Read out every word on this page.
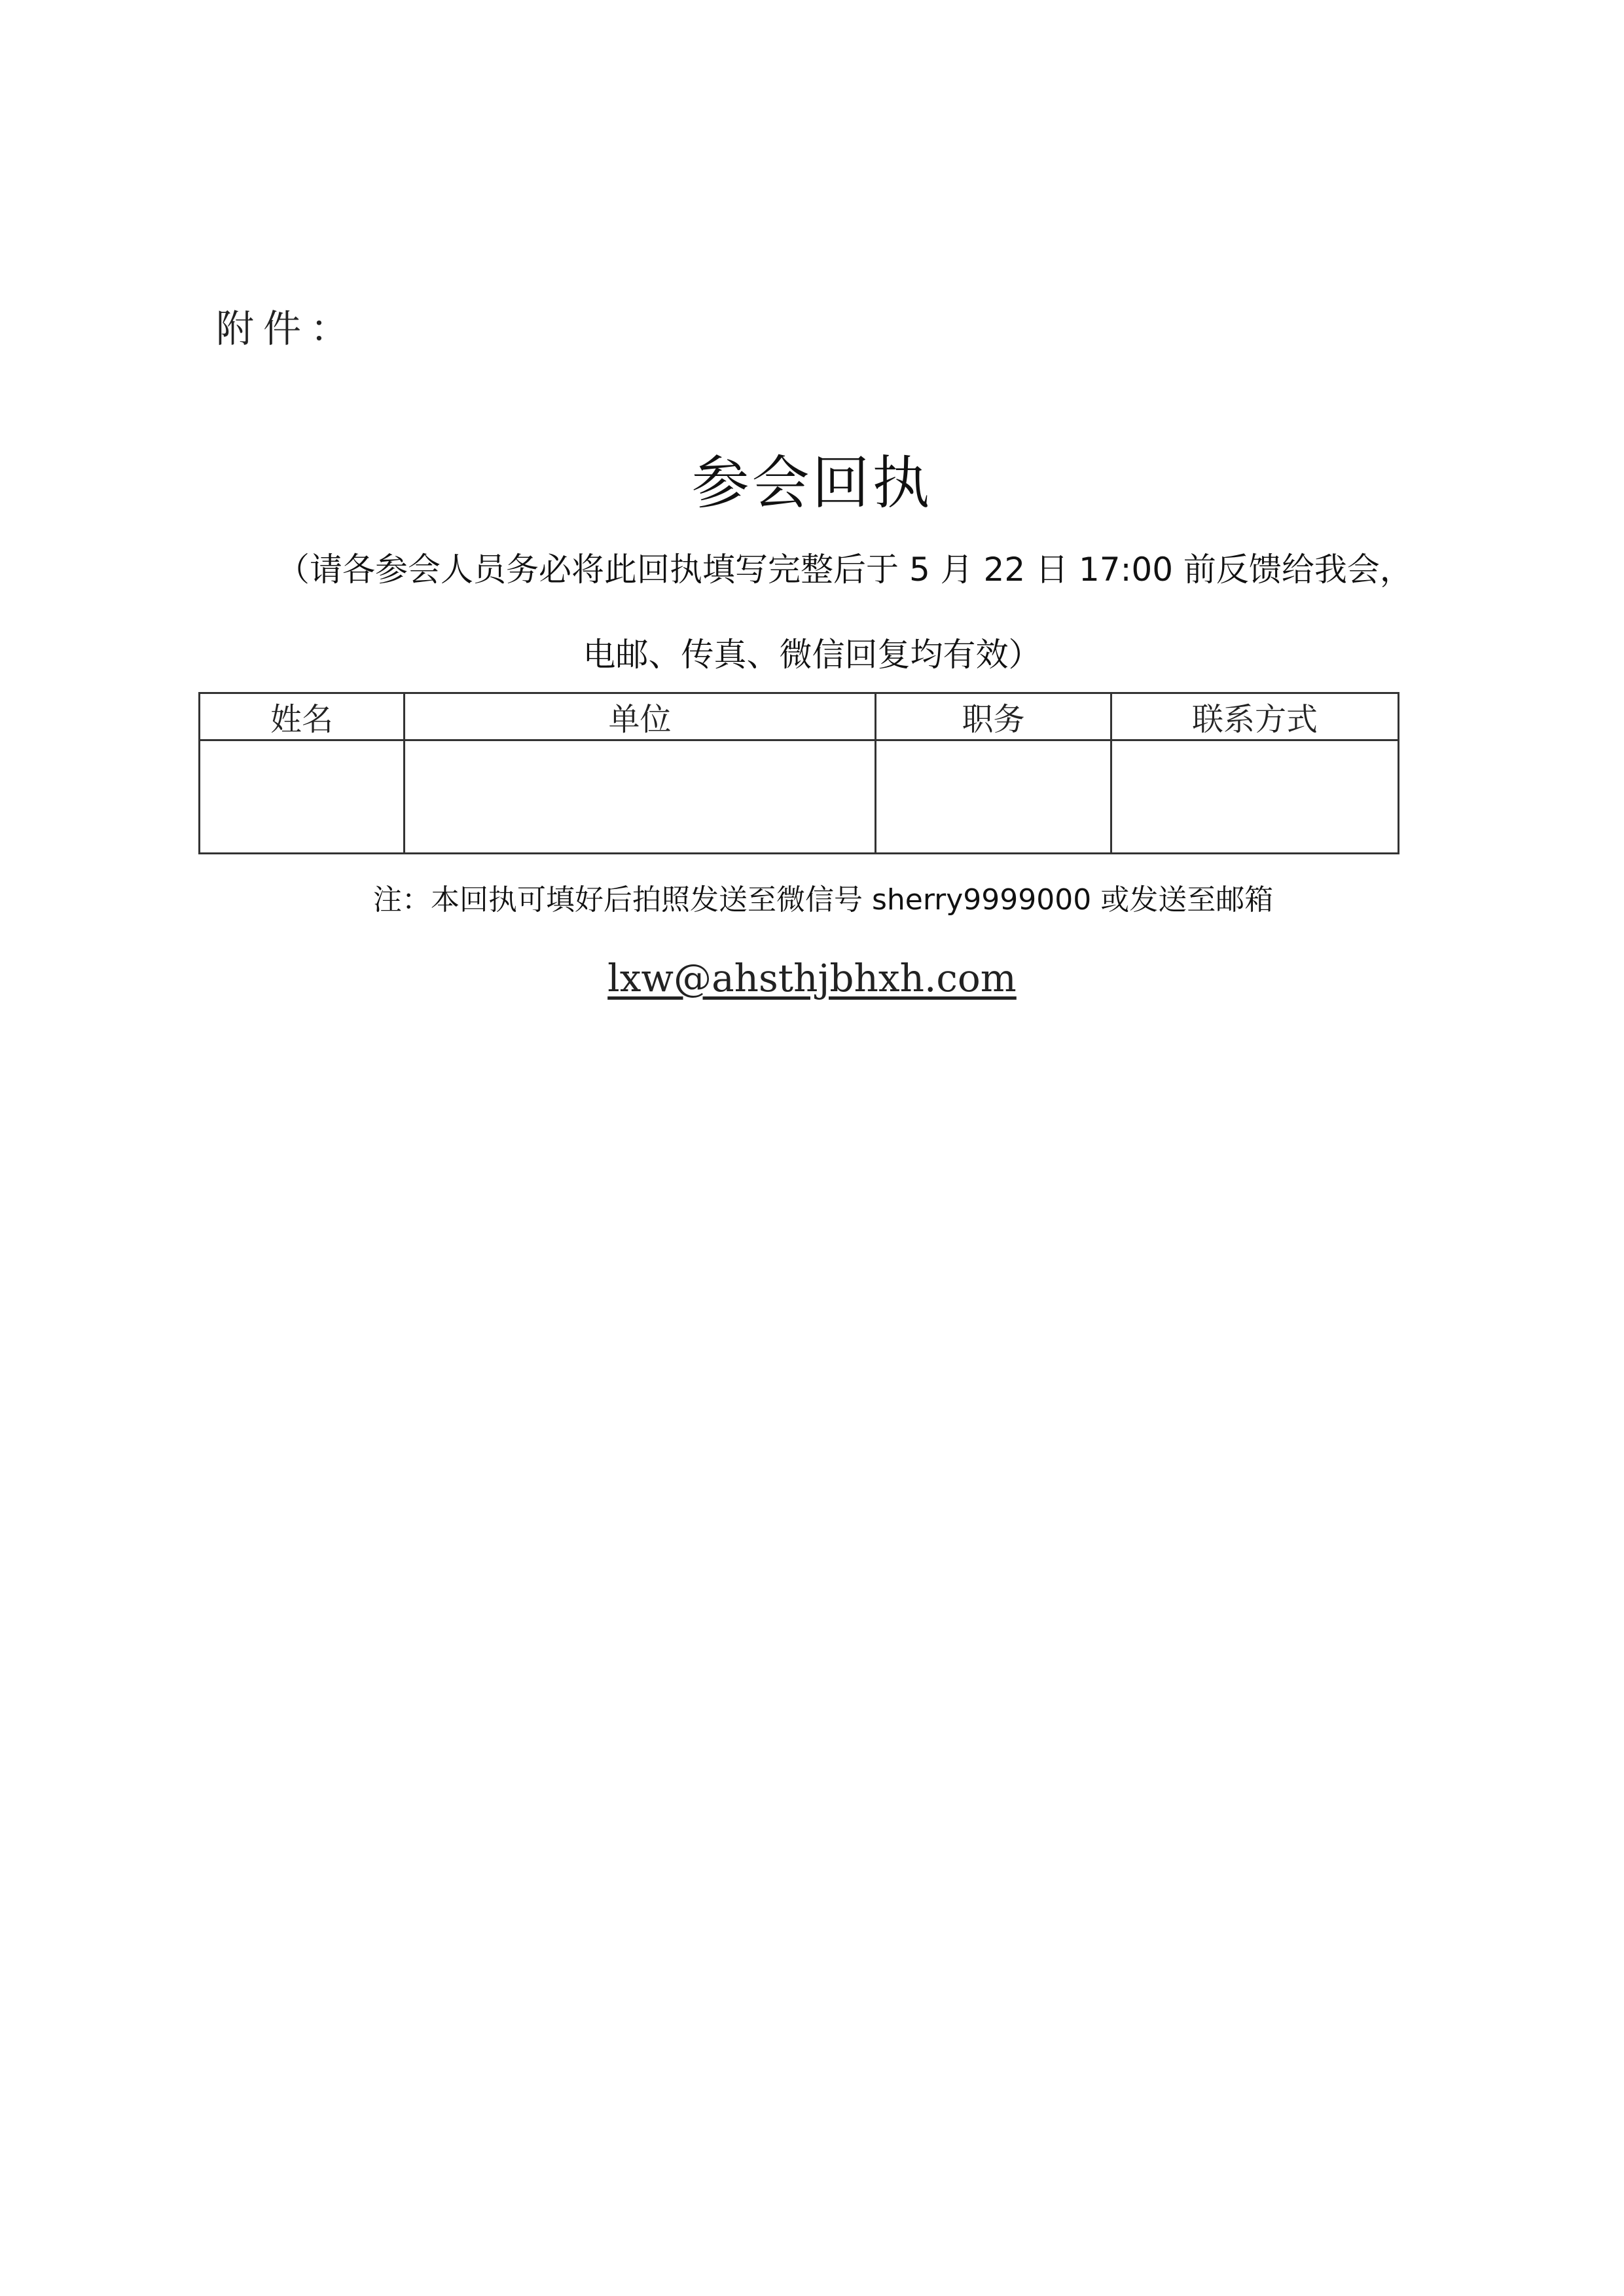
附件：
参会回执
（请各参会人员务必将此回执填写完整后于 5 月 22 日 17:00 前反馈给我会，
电邮、传真、微信回复均有效）
姓名	单位	职务	联系方式

注：本回执可填好后拍照发送至微信号 sherry9999000 或发送至邮箱
lxw@ahsthjbhxh.com
